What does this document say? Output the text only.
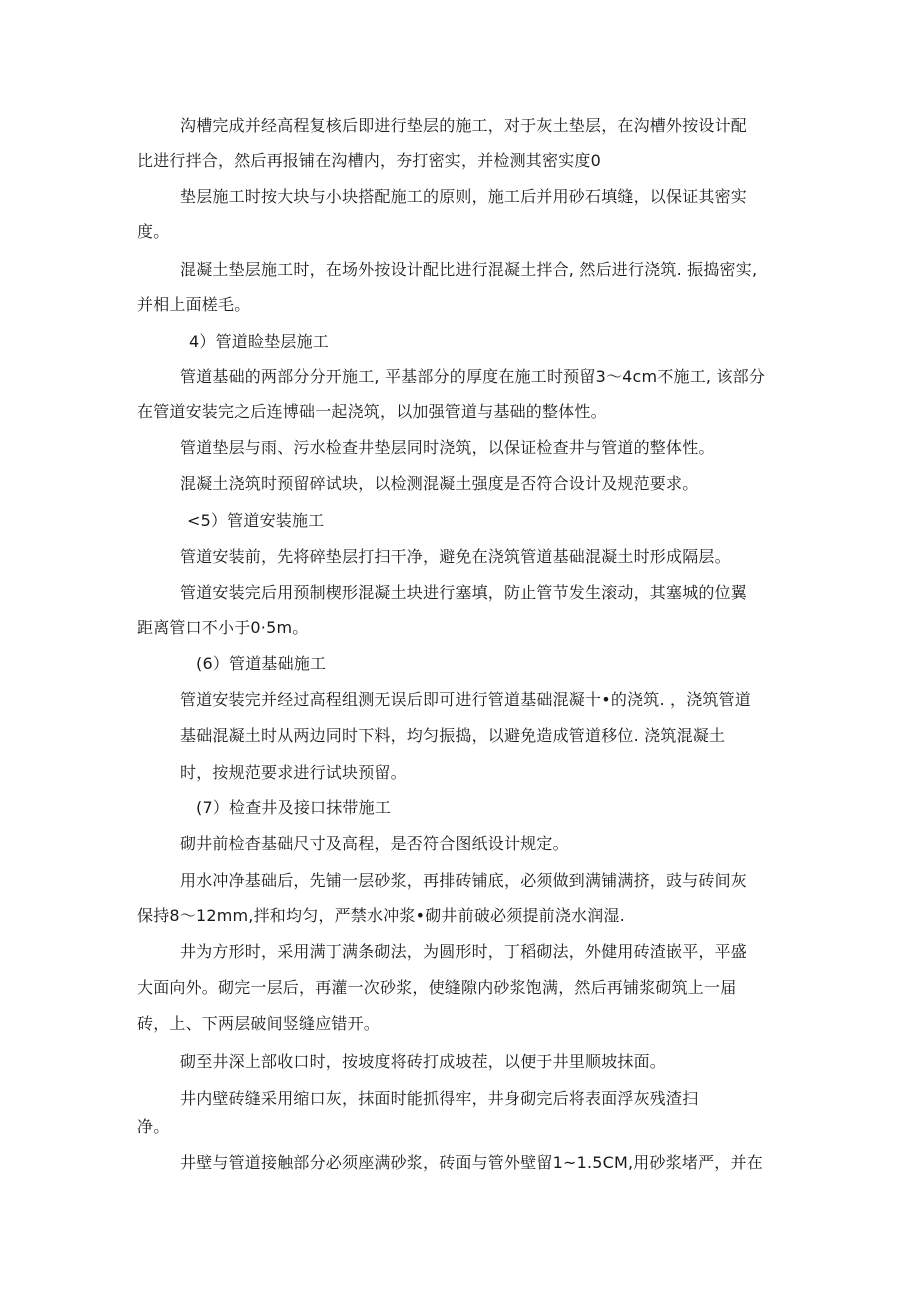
沟槽完成并经高程复核后即进行垫层的施工，对于灰土垫层，在沟槽外按设计配
比进行拌合，然后再报铺在沟槽内，夯打密实，并检测其密实度0
垫层施工时按大块与小块搭配施工的原则，施工后并用砂石填缝，以保证其密实
度。
混凝土垫层施工时，在场外按设计配比进行混凝土拌合, 然后进行浇筑. 振捣密实,
并相上面槎毛。
4）管道睑垫层施工
管道基础的两部分分开施工, 平基部分的厚度在施工时预留3〜4cm不施工, 该部分
在管道安装完之后连博础一起浇筑，以加强管道与基础的整体性。
管道垫层与雨、污水检查井垫层同时浇筑，以保证检查井与管道的整体性。
混凝土浇筑时预留碎试块，以检测混凝土强度是否符合设计及规范要求。
<5）管道安装施工
管道安装前，先将碎垫层打扫干净，避免在浇筑管道基础混凝土时形成隔层。
管道安装完后用预制楔形混凝土块进行塞填，防止管节发生滚动，其塞城的位翼
距离管口不小于0·5m。
(6）管道基础施工
管道安装完并经过高程组测无误后即可进行管道基础混凝十•的浇筑. ，浇筑管道
基础混凝土时从两边同时下料，均匀振捣，以避免造成管道移位. 浇筑混凝土
时，按规范要求进行试块预留。
(7）检查井及接口抹带施工
砌井前检杳基础尺寸及高程，是否符合图纸设计规定。
用水冲净基础后，先铺一层砂浆，再排砖铺底，必须做到满铺满挤，豉与砖间灰
保持8〜12mm,拌和均匀，严禁水冲浆•砌井前破必须提前浇水润湿.
井为方形时，采用满丁满条砌法，为圆形时，丁稻砌法，外健用砖渣嵌平，平盛
大面向外。砌完一层后，再灌一次砂浆，使缝隙内砂浆饱满，然后再铺浆砌筑上一届
砖，上、下两层破间竖缝应错开。
砌至井深上部收口时，按坡度将砖打成坡茬，以便于井里顺坡抹面。
井内壁砖缝采用缩口灰，抹面时能抓得牢，井身砌完后将表面浮灰残渣扫
净。
井壁与管道接触部分必须座满砂浆，砖面与管外壁留1~1.5CM,用砂浆堵严，并在
